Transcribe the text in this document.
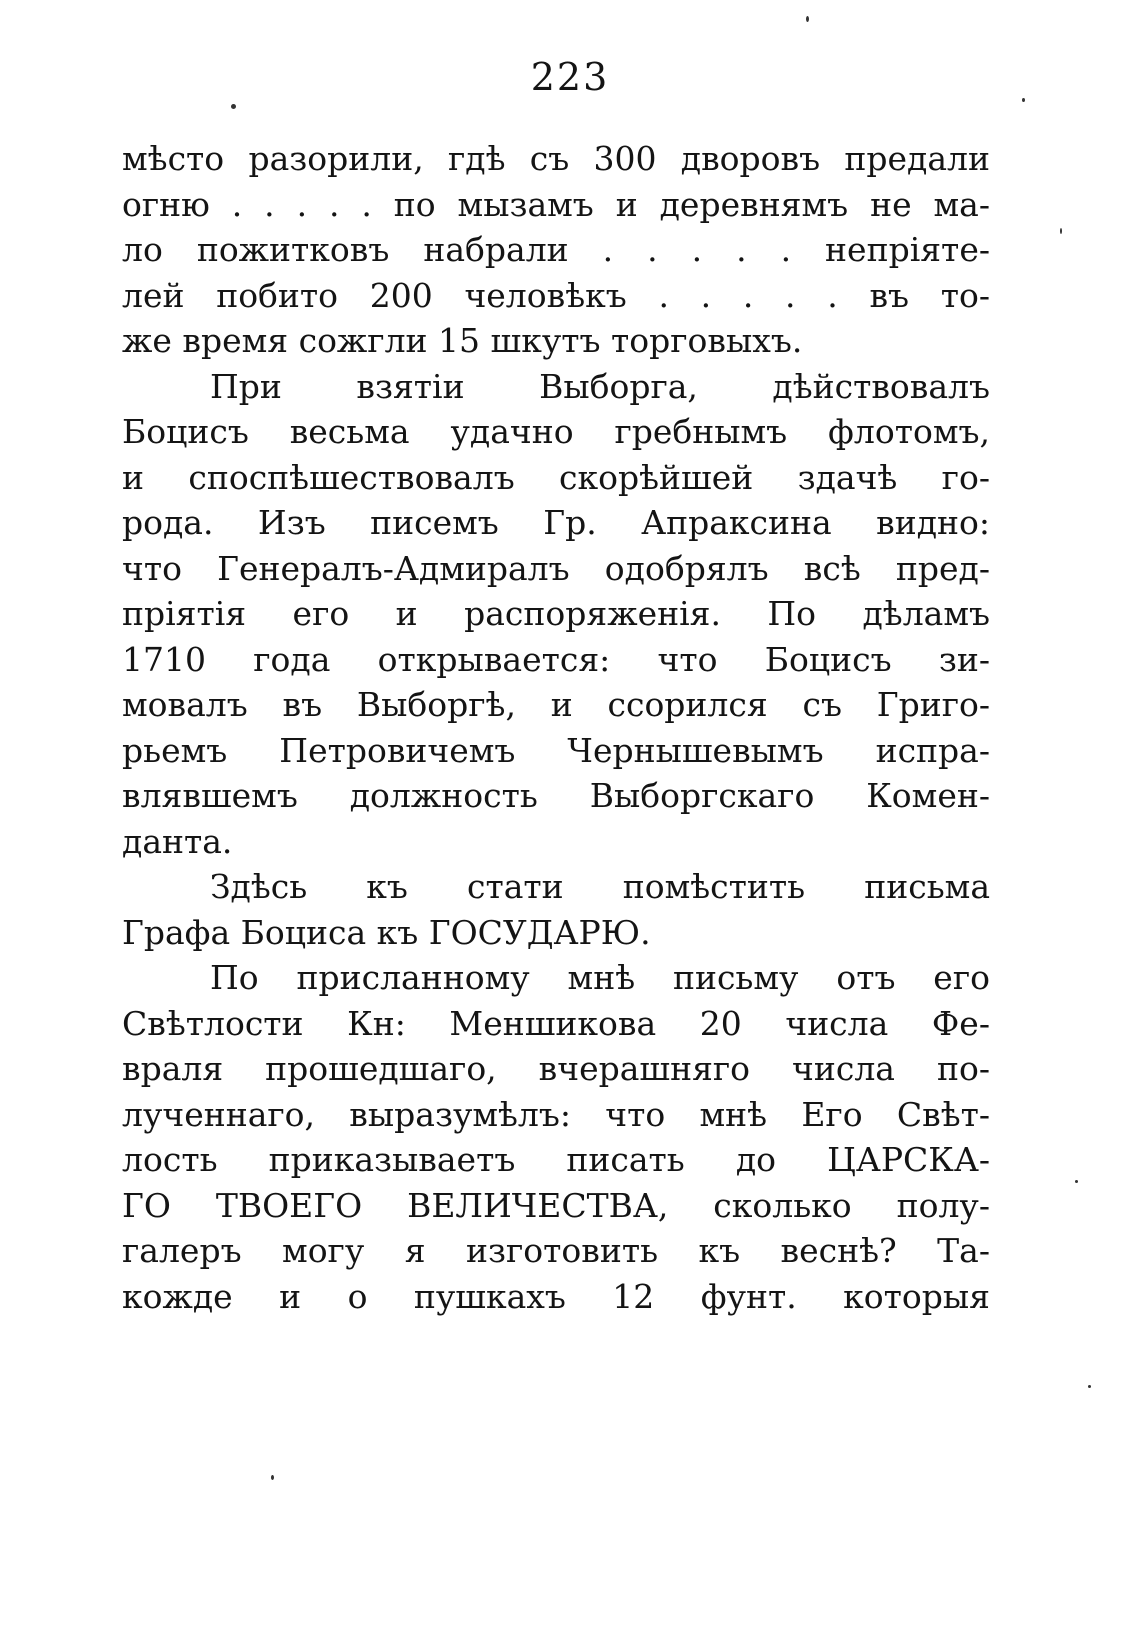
223
мѣсто разорили, гдѣ съ 300 дворовъ предали
огню . . . . . по мызамъ и деревнямъ не ма-
ло пожитковъ набрали . . . . . непріяте-
лей побито 200 человѣкъ . . . . . въ то-
же время сожгли 15 шкутъ торговыхъ.
При взятіи Выборга, дѣйствовалъ
Боцисъ весьма удачно гребнымъ флотомъ,
и споспѣшествовалъ скорѣйшей здачѣ го-
рода. Изъ писемъ Гр. Апраксина видно:
что Генералъ-Адмиралъ одобрялъ всѣ пред-
пріятія его и распоряженія. По дѣламъ
1710 года открывается: что Боцисъ зи-
мовалъ въ Выборгѣ, и ссорился съ Григо-
рьемъ Петровичемъ Чернышевымъ испра-
влявшемъ должность Выборгскаго Комен-
данта.
Здѣсь къ стати помѣстить письма
Графа Боциса къ ГОСУДАРЮ.
По присланному мнѣ письму отъ его
Свѣтлости Кн: Меншикова 20 числа Фе-
враля прошедшаго, вчерашняго числа по-
лученнаго, выразумѣлъ: что мнѣ Его Свѣт-
лость приказываетъ писать до ЦАРСКА-
ГО ТВОЕГО ВЕЛИЧЕСТВА, сколько полу-
галеръ могу я изготовить къ веснѣ? Та-
кожде и о пушкахъ 12 фунт. которыя
